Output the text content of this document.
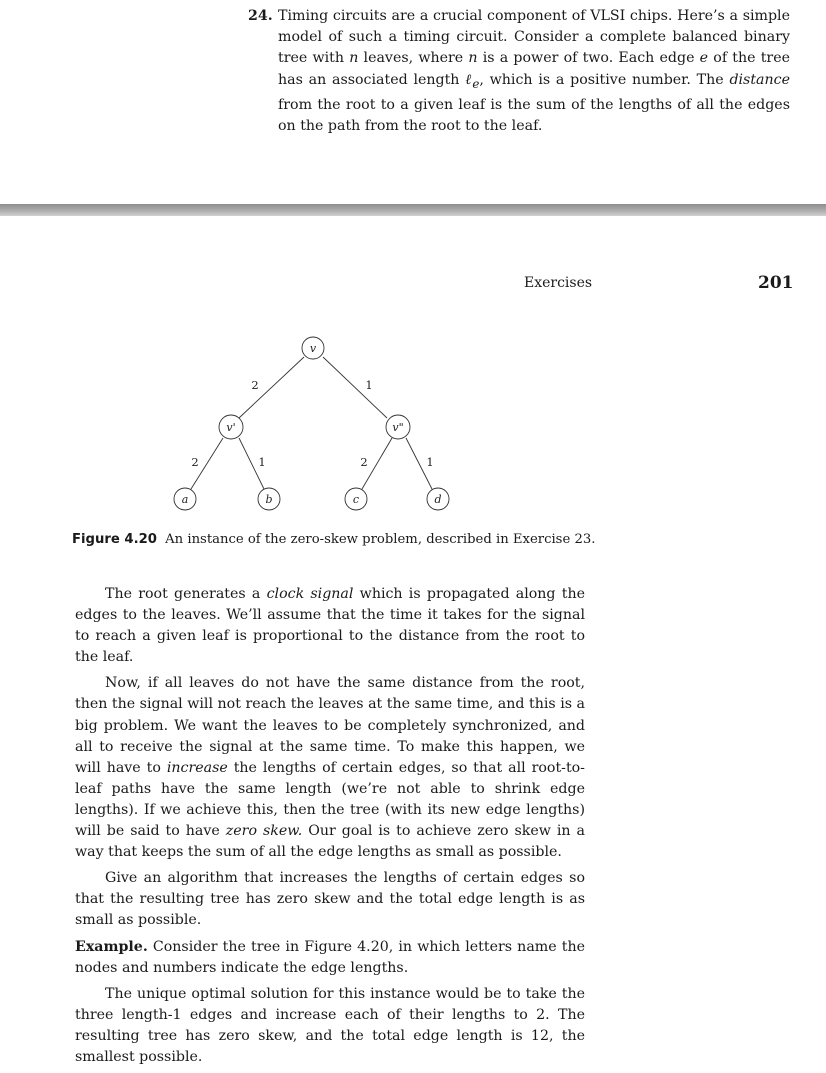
24. Timing circuits are a crucial component of VLSI chips. Here’s a simple model of such a timing circuit. Consider a complete balanced binary tree with n leaves, where n is a power of two. Each edge e of the tree has an associated length ℓ$_e$, which is a positive number. The distance from the root to a given leaf is the sum of the lengths of all the edges on the path from the root to the leaf.
Exercises	201
v
v'	v"
a	b	c	d
2	1
2	1	2	1
Figure 4.20 An instance of the zero-skew problem, described in Exercise 23.

The root generates a clock signal which is propagated along the edges to the leaves. We’ll assume that the time it takes for the signal to reach a given leaf is proportional to the distance from the root to the leaf.

Now, if all leaves do not have the same distance from the root, then the signal will not reach the leaves at the same time, and this is a big problem. We want the leaves to be completely synchronized, and all to receive the signal at the same time. To make this happen, we will have to increase the lengths of certain edges, so that all root-to-leaf paths have the same length (we’re not able to shrink edge lengths). If we achieve this, then the tree (with its new edge lengths) will be said to have zero skew. Our goal is to achieve zero skew in a way that keeps the sum of all the edge lengths as small as possible.

Give an algorithm that increases the lengths of certain edges so that the resulting tree has zero skew and the total edge length is as small as possible.

Example. Consider the tree in Figure 4.20, in which letters name the nodes and numbers indicate the edge lengths.

The unique optimal solution for this instance would be to take the three length-1 edges and increase each of their lengths to 2. The resulting tree has zero skew, and the total edge length is 12, the smallest possible.
